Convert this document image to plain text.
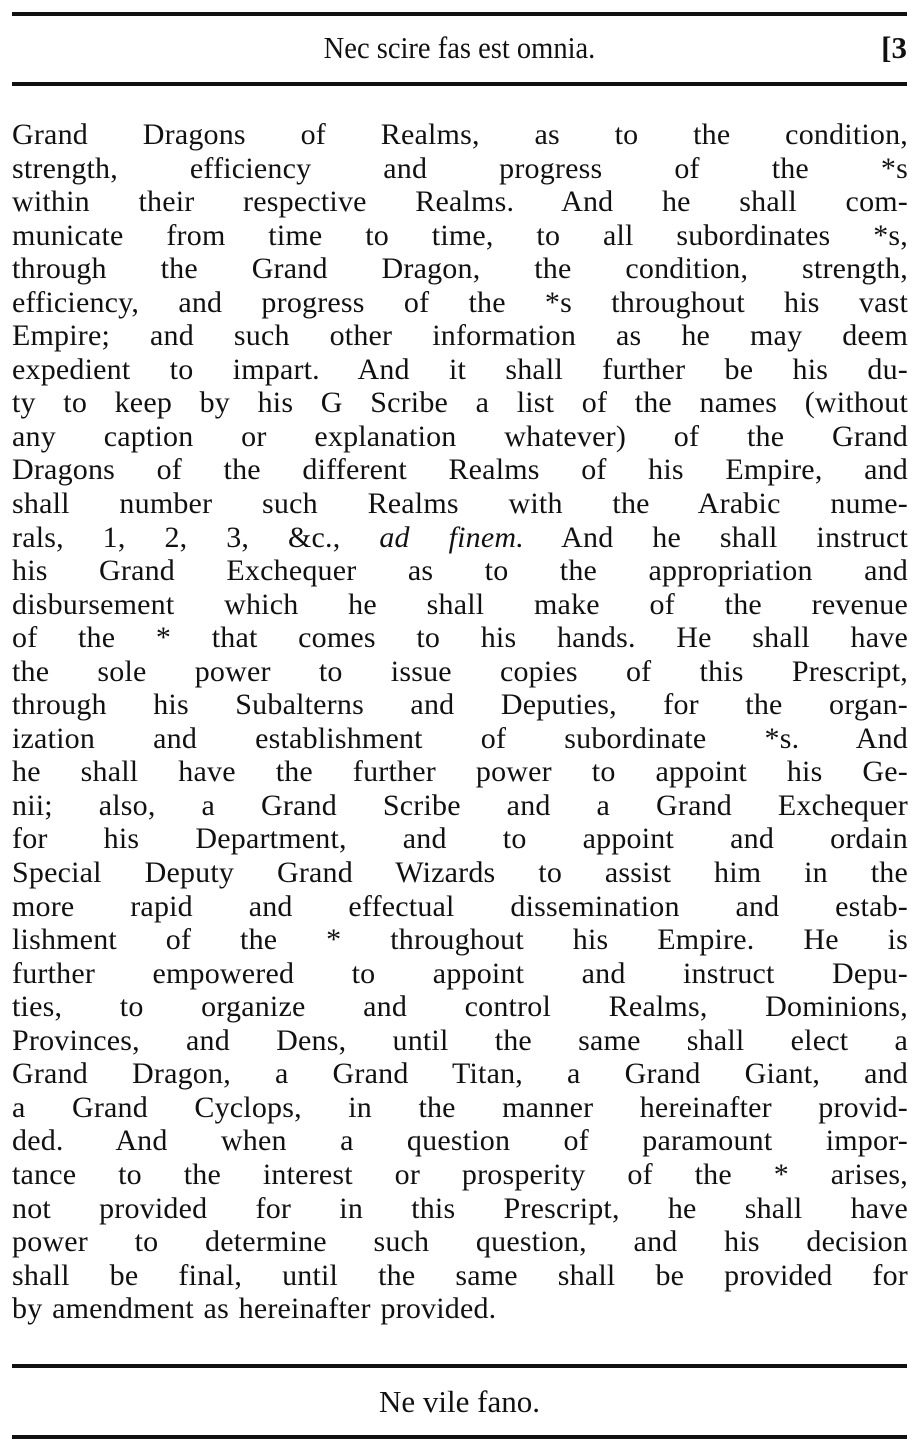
Nec scire fas est omnia.	[3
Grand Dragons of Realms, as to the condition,
strength, efficiency and progress of the *s
within their respective Realms. And he shall com-
municate from time to time, to all subordinates *s,
through the Grand Dragon, the condition, strength,
efficiency, and progress of the *s throughout his vast
Empire; and such other information as he may deem
expedient to impart. And it shall further be his du-
ty to keep by his G Scribe a list of the names (without
any caption or explanation whatever) of the Grand
Dragons of the different Realms of his Empire, and
shall number such Realms with the Arabic nume-
rals, 1, 2, 3, &c., ad finem. And he shall instruct
his Grand Exchequer as to the appropriation and
disbursement which he shall make of the revenue
of the * that comes to his hands. He shall have
the sole power to issue copies of this Prescript,
through his Subalterns and Deputies, for the organ-
ization and establishment of subordinate *s. And
he shall have the further power to appoint his Ge-
nii; also, a Grand Scribe and a Grand Exchequer
for his Department, and to appoint and ordain
Special Deputy Grand Wizards to assist him in the
more rapid and effectual dissemination and estab-
lishment of the * throughout his Empire. He is
further empowered to appoint and instruct Depu-
ties, to organize and control Realms, Dominions,
Provinces, and Dens, until the same shall elect a
Grand Dragon, a Grand Titan, a Grand Giant, and
a Grand Cyclops, in the manner hereinafter provid-
ded. And when a question of paramount impor-
tance to the interest or prosperity of the * arises,
not provided for in this Prescript, he shall have
power to determine such question, and his decision
shall be final, until the same shall be provided for
by amendment as hereinafter provided.
Ne vile fano.
